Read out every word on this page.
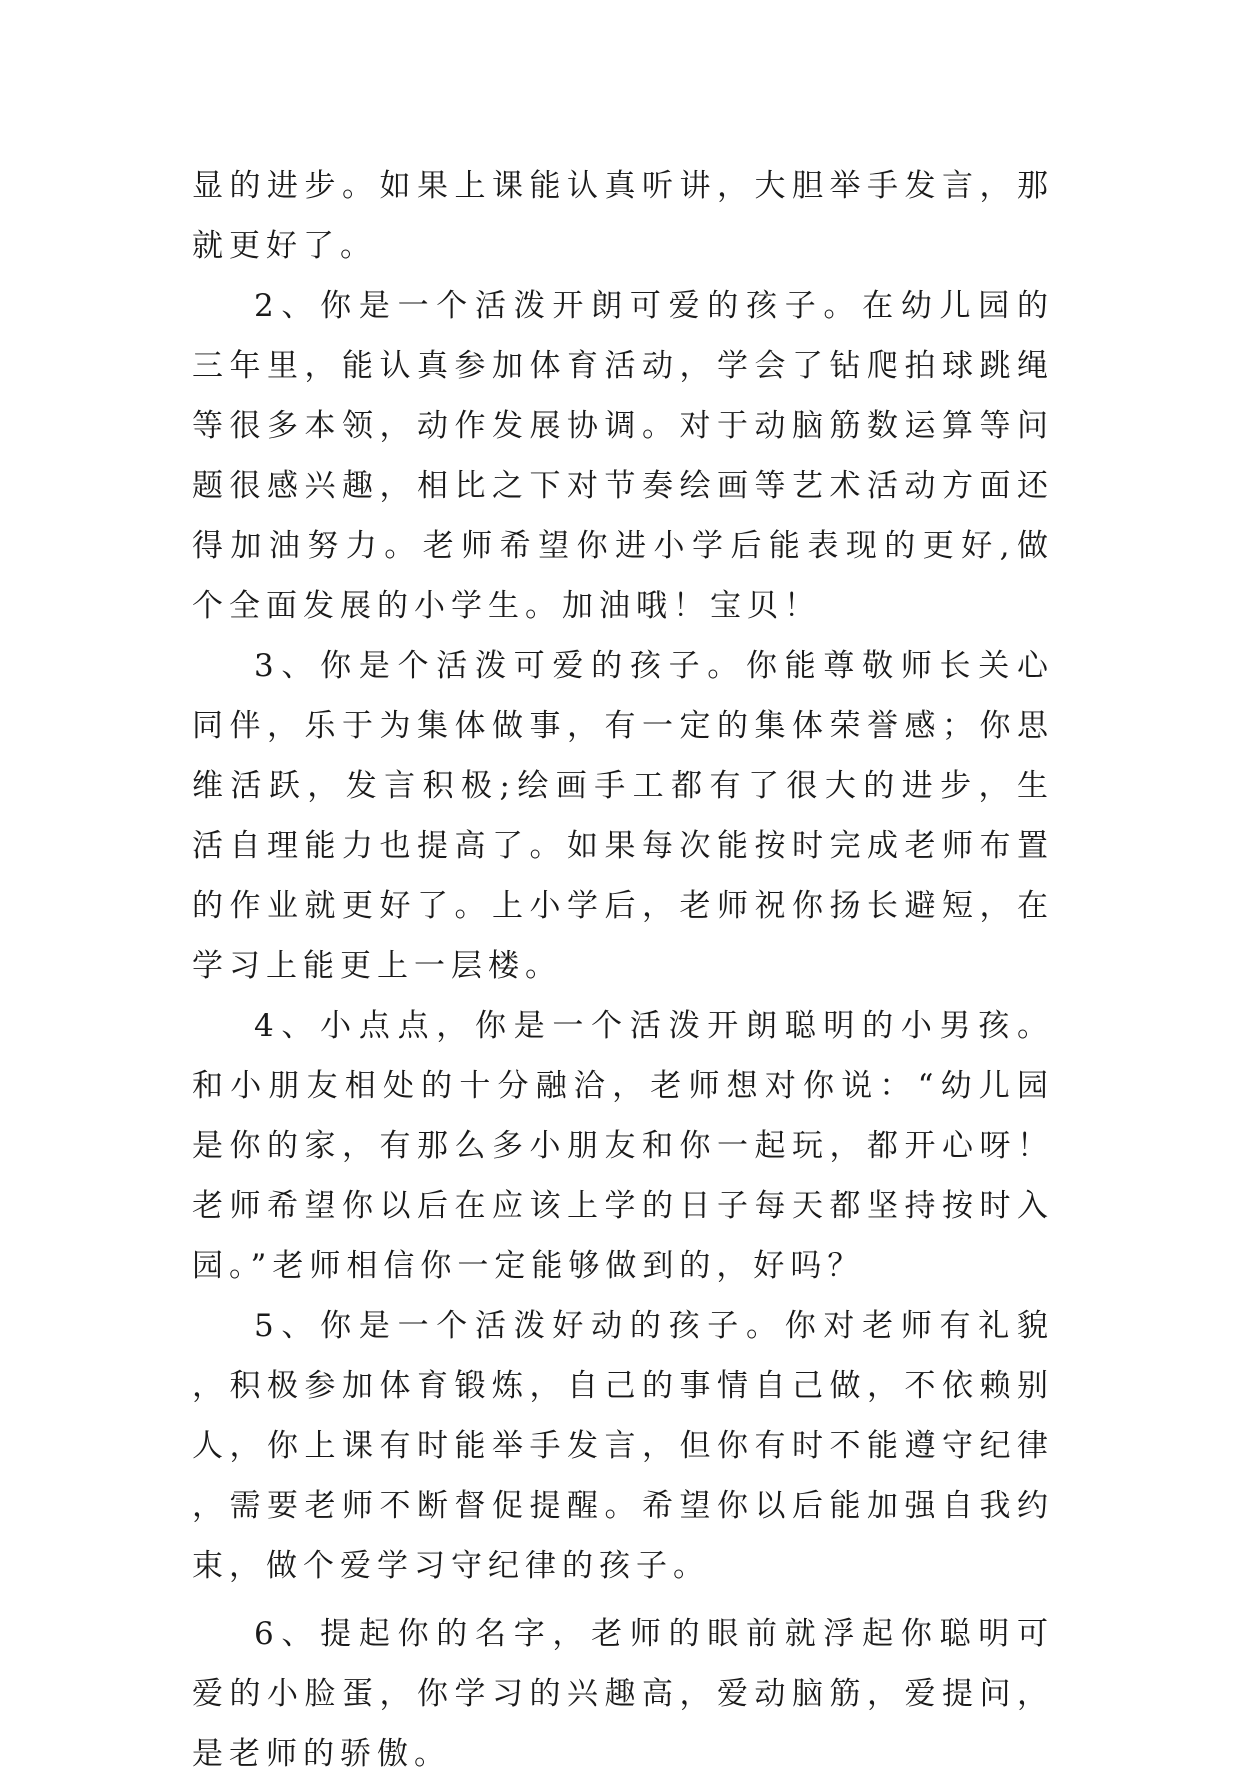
显的进步。如果上课能认真听讲，大胆举手发言，那就更好了。

2、你是一个活泼开朗可爱的孩子。在幼儿园的三年里，能认真参加体育活动，学会了钻爬拍球跳绳等很多本领，动作发展协调。对于动脑筋数运算等问题很感兴趣，相比之下对节奏绘画等艺术活动方面还得加油努力。老师希望你进小学后能表现的更好,做个全面发展的小学生。加油哦！宝贝！

3、你是个活泼可爱的孩子。你能尊敬师长关心同伴，乐于为集体做事，有一定的集体荣誉感；你思维活跃，发言积极;绘画手工都有了很大的进步，生活自理能力也提高了。如果每次能按时完成老师布置的作业就更好了。上小学后，老师祝你扬长避短，在学习上能更上一层楼。

4、小点点，你是一个活泼开朗聪明的小男孩。和小朋友相处的十分融洽，老师想对你说：“幼儿园是你的家，有那么多小朋友和你一起玩，都开心呀！老师希望你以后在应该上学的日子每天都坚持按时入园。”老师相信你一定能够做到的，好吗？

5、你是一个活泼好动的孩子。你对老师有礼貌，积极参加体育锻炼，自己的事情自己做，不依赖别人，你上课有时能举手发言，但你有时不能遵守纪律，需要老师不断督促提醒。希望你以后能加强自我约束，做个爱学习守纪律的孩子。

6、提起你的名字，老师的眼前就浮起你聪明可爱的小脸蛋，你学习的兴趣高，爱动脑筋，爱提问，是老师的骄傲。
